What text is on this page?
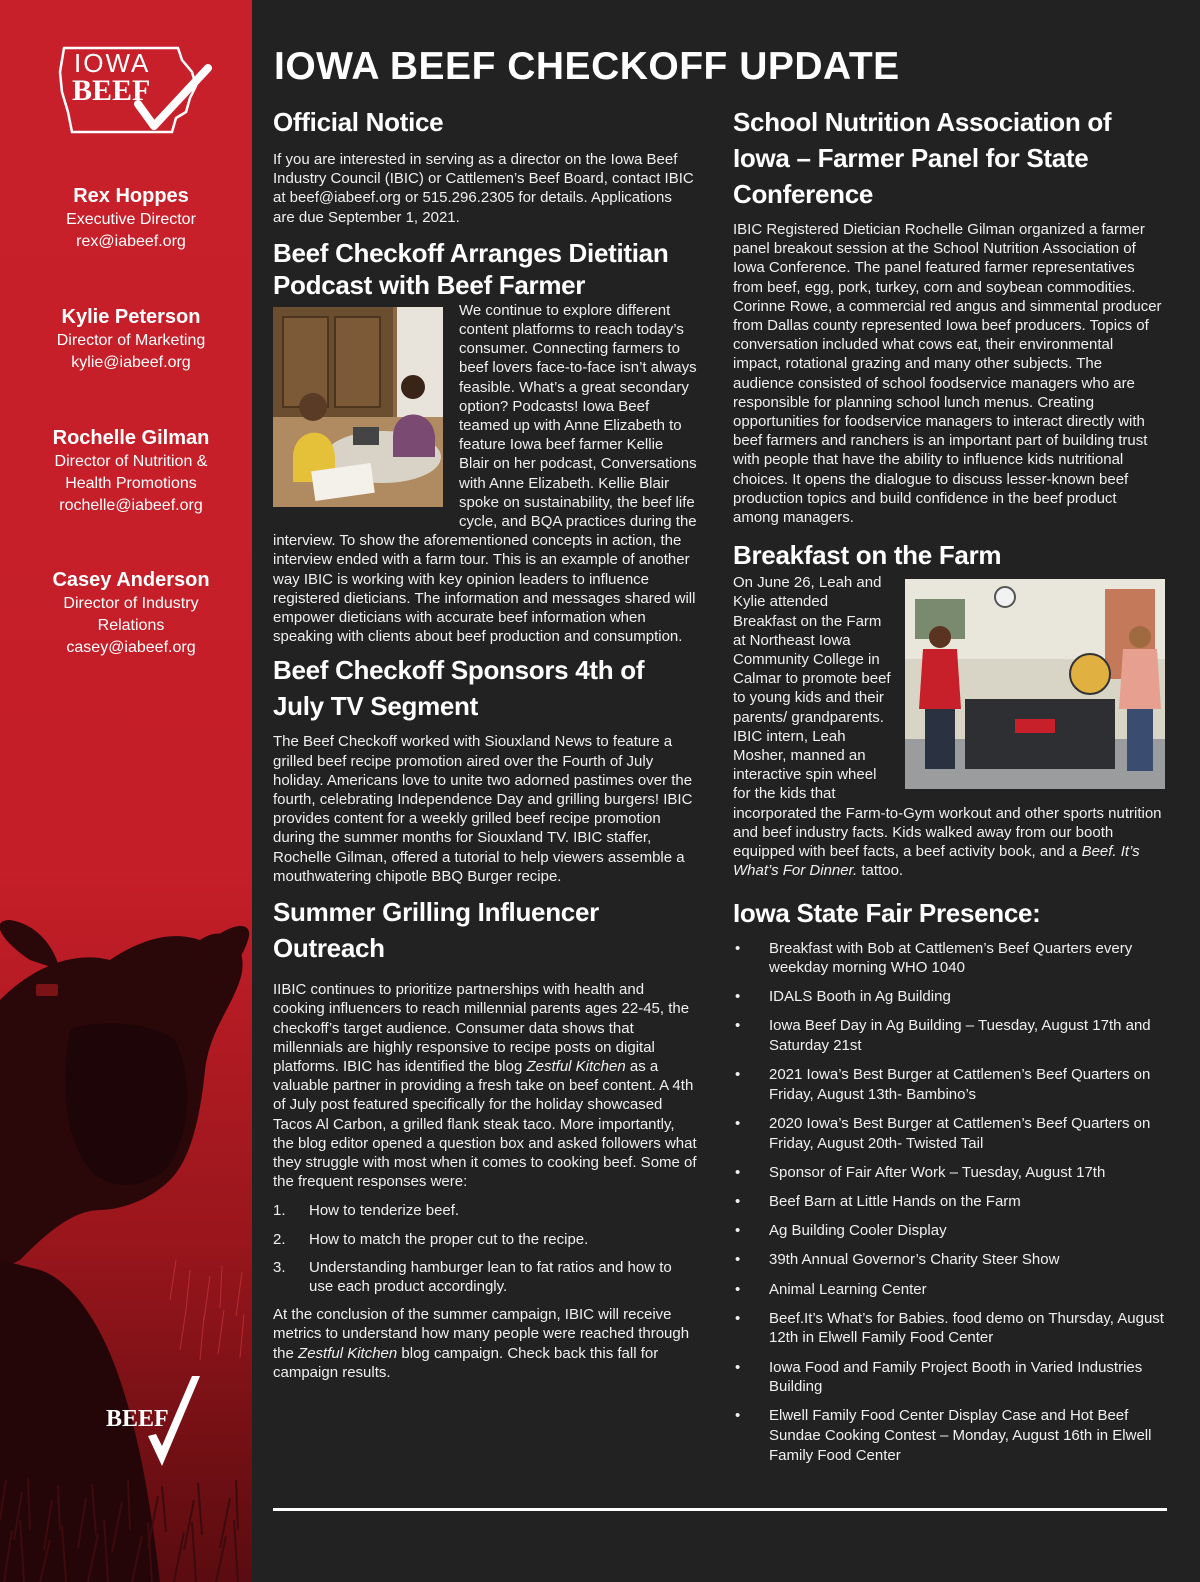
IOWA
BEEF
Rex Hoppes
Executive Director
rex@iabeef.org
Kylie Peterson
Director of Marketing
kylie@iabeef.org
Rochelle Gilman
Director of Nutrition &
Health Promotions
rochelle@iabeef.org
Casey Anderson
Director of Industry
Relations
casey@iabeef.org
BEEF
IOWA BEEF CHECKOFF UPDATE
Official Notice

If you are interested in serving as a director on the Iowa Beef Industry Council (IBIC) or Cattlemen’s Beef Board, contact IBIC at beef@iabeef.org or 515.296.2305 for details. Applications are due September 1, 2021.

Beef Checkoff Arranges Dietitian Podcast with Beef Farmer

We continue to explore different content platforms to reach today’s consumer. Connecting farmers to beef lovers face-to-face isn’t always feasible. What’s a great secondary option? Podcasts! Iowa Beef teamed up with Anne Elizabeth to feature Iowa beef farmer Kellie Blair on her podcast, Conversations with Anne Elizabeth. Kellie Blair spoke on sustainability, the beef life cycle, and BQA practices during the interview. To show the aforementioned concepts in action, the interview ended with a farm tour. This is an example of another way IBIC is working with key opinion leaders to influence registered dieticians. The information and messages shared will empower dieticians with accurate beef information when speaking with clients about beef production and consumption.

Beef Checkoff Sponsors 4th of July TV Segment

The Beef Checkoff worked with Siouxland News to feature a grilled beef recipe promotion aired over the Fourth of July holiday. Americans love to unite two adorned pastimes over the fourth, celebrating Independence Day and grilling burgers! IBIC provides content for a weekly grilled beef recipe promotion during the summer months for Siouxland TV. IBIC staffer, Rochelle Gilman, offered a tutorial to help viewers assemble a mouthwatering chipotle BBQ Burger recipe.

Summer Grilling Influencer Outreach

IIBIC continues to prioritize partnerships with health and cooking influencers to reach millennial parents ages 22-45, the checkoff’s target audience. Consumer data shows that millennials are highly responsive to recipe posts on digital platforms. IBIC has identified the blog Zestful Kitchen as a valuable partner in providing a fresh take on beef content. A 4th of July post featured specifically for the holiday showcased Tacos Al Carbon, a grilled flank steak taco. More importantly, the blog editor opened a question box and asked followers what they struggle with most when it comes to cooking beef. Some of the frequent responses were:

1.	How to tenderize beef.
2.	How to match the proper cut to the recipe.
3.	Understanding hamburger lean to fat ratios and how to use each product accordingly.

At the conclusion of the summer campaign, IBIC will receive metrics to understand how many people were reached through the Zestful Kitchen blog campaign. Check back this fall for campaign results.

School Nutrition Association of Iowa – Farmer Panel for State Conference

IBIC Registered Dietician Rochelle Gilman organized a farmer panel breakout session at the School Nutrition Association of Iowa Conference. The panel featured farmer representatives from beef, egg, pork, turkey, corn and soybean commodities. Corinne Rowe, a commercial red angus and simmental producer from Dallas county represented Iowa beef producers. Topics of conversation included what cows eat, their environmental impact, rotational grazing and many other subjects. The audience consisted of school foodservice managers who are responsible for planning school lunch menus. Creating opportunities for foodservice managers to interact directly with beef farmers and ranchers is an important part of building trust with people that have the ability to influence kids nutritional choices. It opens the dialogue to discuss lesser-known beef production topics and build confidence in the beef product among managers.

Breakfast on the Farm

On June 26, Leah and Kylie attended Breakfast on the Farm at Northeast Iowa Community College in Calmar to promote beef to young kids and their parents/ grandparents. IBIC intern, Leah Mosher, manned an interactive spin wheel for the kids that incorporated the Farm-to-Gym workout and other sports nutrition and beef industry facts. Kids walked away from our booth equipped with beef facts, a beef activity book, and a Beef. It’s What’s For Dinner. tattoo.

Iowa State Fair Presence:
•	Breakfast with Bob at Cattlemen’s Beef Quarters every weekday morning WHO 1040
•	IDALS Booth in Ag Building
•	Iowa Beef Day in Ag Building – Tuesday, August 17th and Saturday 21st
•	2021 Iowa’s Best Burger at Cattlemen’s Beef Quarters on Friday, August 13th- Bambino’s
•	2020 Iowa’s Best Burger at Cattlemen’s Beef Quarters on Friday, August 20th- Twisted Tail
•	Sponsor of Fair After Work – Tuesday, August 17th
•	Beef Barn at Little Hands on the Farm
•	Ag Building Cooler Display
•	39th Annual Governor’s Charity Steer Show
•	Animal Learning Center
•	Beef.It’s What’s for Babies. food demo on Thursday, August 12th in Elwell Family Food Center
•	Iowa Food and Family Project Booth in Varied Industries Building
•	Elwell Family Food Center Display Case and Hot Beef Sundae Cooking Contest – Monday, August 16th in Elwell Family Food Center
